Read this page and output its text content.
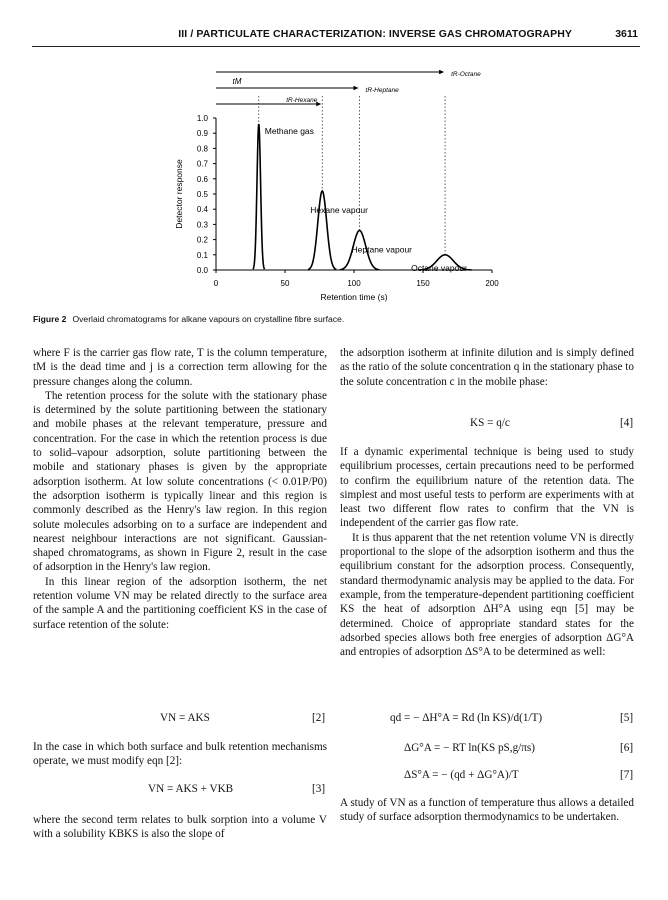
III / PARTICULATE CHARACTERIZATION: INVERSE GAS CHROMATOGRAPHY	3611
0.0
0.1
0.2
0.3
0.4
0.5
0.6
0.7
0.8
0.9
1.0
0	50	100	150	200
Retention time (s)
Detector response
Methane gas
Hexane vapour
Heptane vapour
Octane vapour
tM
tR-Hexane
tR-Heptane
tR-Octane
Figure 2 Overlaid chromatograms for alkane vapours on crystalline fibre surface.

where F is the carrier gas flow rate, T is the column temperature, tM is the dead time and j is a correction term allowing for the pressure changes along the column.

The retention process for the solute with the stationary phase is determined by the solute partitioning between the stationary and mobile phases at the relevant temperature, pressure and concentration. For the case in which the retention process is due to solid–vapour adsorption, solute partitioning between the mobile and stationary phases is given by the appropriate adsorption isotherm. At low solute concentrations (< 0.01P/P0) the adsorption isotherm is typically linear and this region is commonly described as the Henry's law region. In this region solute molecules adsorbing on to a surface are independent and nearest neighbour interactions are not significant. Gaussian-shaped chromatograms, as shown in Figure 2, result in the case of adsorption in the Henry's law region.

In this linear region of the adsorption isotherm, the net retention volume VN may be related directly to the surface area of the sample A and the partitioning coefficient KS in the case of surface retention of the solute:

VN = AKS	[2]

In the case in which both surface and bulk retention mechanisms operate, we must modify eqn [2]:

VN = AKS + VKB	[3]

where the second term relates to bulk sorption into a volume V with a solubility KBKS is also the slope of

the adsorption isotherm at infinite dilution and is simply defined as the ratio of the solute concentration q in the stationary phase to the solute concentration c in the mobile phase:

KS = q/c	[4]

If a dynamic experimental technique is being used to study equilibrium processes, certain precautions need to be performed to confirm the equilibrium nature of the retention data. The simplest and most useful tests to perform are experiments with at least two different flow rates to confirm that the VN is independent of the carrier gas flow rate.

It is thus apparent that the net retention volume VN is directly proportional to the slope of the adsorption isotherm and thus the equilibrium constant for the adsorption process. Consequently, standard thermodynamic analysis may be applied to the data. For example, from the temperature-dependent partitioning coefficient KS the heat of adsorption ΔH°A using eqn [5] may be determined. Choice of appropriate standard states for the adsorbed species allows both free energies of adsorption ΔG°A and entropies of adsorption ΔS°A to be determined as well:

qd = − ΔH°A = Rd (ln KS)/d(1/T)	[5]
ΔG°A = − RT ln(KS pS,g/πs)	[6]
ΔS°A = − (qd + ΔG°A)/T	[7]

A study of VN as a function of temperature thus allows a detailed study of surface adsorption thermodynamics to be undertaken.
